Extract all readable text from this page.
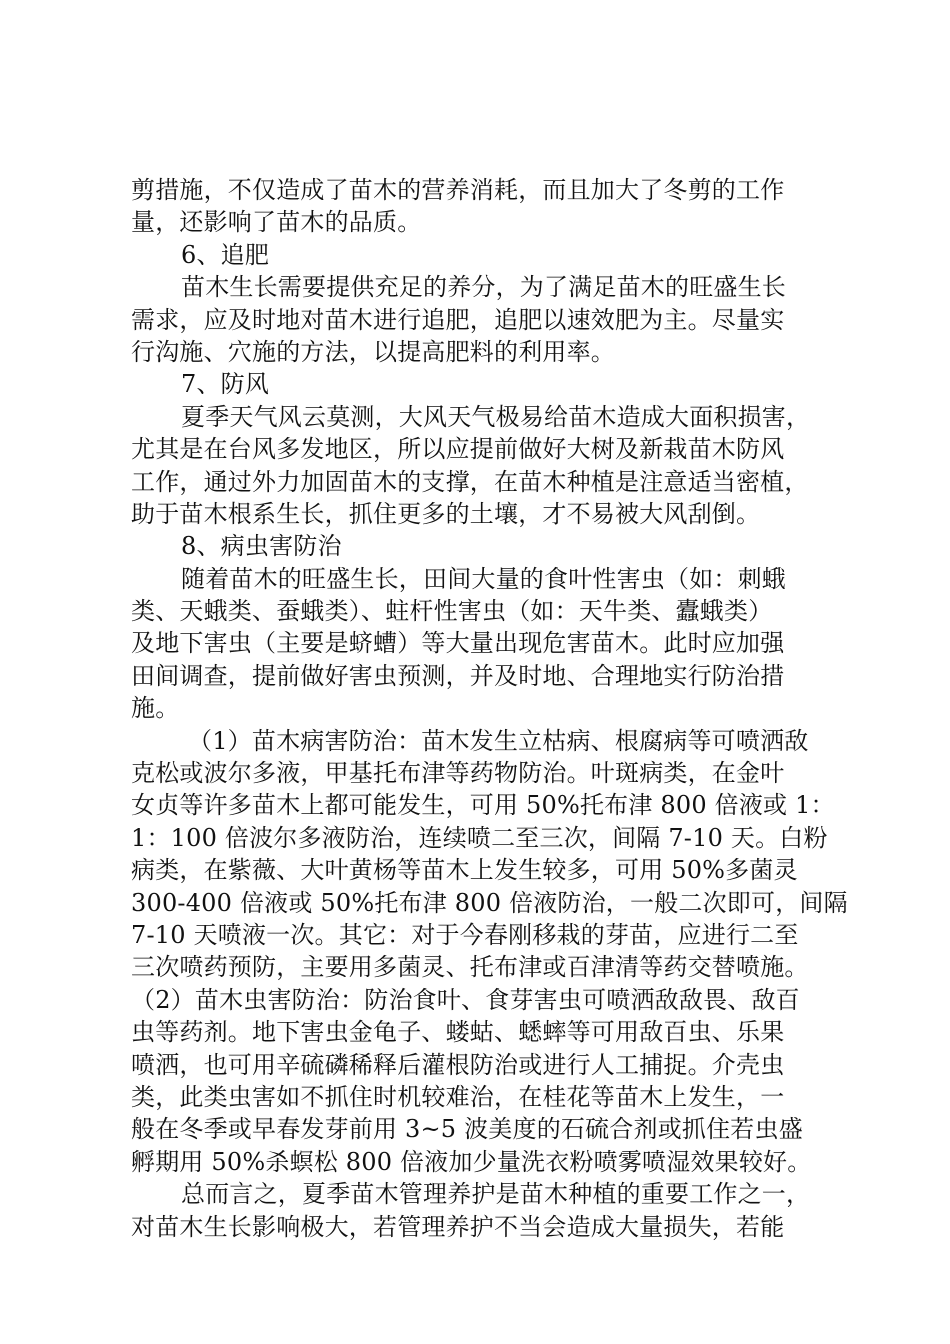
剪措施，不仅造成了苗木的营养消耗，而且加大了冬剪的工作
量，还影响了苗木的品质。
6、追肥
苗木生长需要提供充足的养分，为了满足苗木的旺盛生长
需求，应及时地对苗木进行追肥，追肥以速效肥为主。尽量实
行沟施、穴施的方法，以提高肥料的利用率。
7、防风
夏季天气风云莫测，大风天气极易给苗木造成大面积损害，
尤其是在台风多发地区，所以应提前做好大树及新栽苗木防风
工作，通过外力加固苗木的支撑，在苗木种植是注意适当密植，
助于苗木根系生长，抓住更多的土壤，才不易被大风刮倒。
8、病虫害防治
随着苗木的旺盛生长，田间大量的食叶性害虫（如：刺蛾
类、天蛾类、蚕蛾类）、蛀杆性害虫（如：天牛类、蠹蛾类）
及地下害虫（主要是蛴螬）等大量出现危害苗木。此时应加强
田间调查，提前做好害虫预测，并及时地、合理地实行防治措
施。
（1）苗木病害防治：苗木发生立枯病、根腐病等可喷洒敌
克松或波尔多液，甲基托布津等药物防治。叶斑病类，在金叶
女贞等许多苗木上都可能发生，可用 50%托布津 800 倍液或 1：
1：100 倍波尔多液防治，连续喷二至三次，间隔 7-10 天。白粉
病类，在紫薇、大叶黄杨等苗木上发生较多，可用 50%多菌灵
300-400 倍液或 50%托布津 800 倍液防治，一般二次即可，间隔
7-10 天喷液一次。其它：对于今春刚移栽的芽苗，应进行二至
三次喷药预防，主要用多菌灵、托布津或百津清等药交替喷施。
（2）苗木虫害防治：防治食叶、食芽害虫可喷洒敌敌畏、敌百
虫等药剂。地下害虫金龟子、蝼蛄、蟋蟀等可用敌百虫、乐果
喷洒，也可用辛硫磷稀释后灌根防治或进行人工捕捉。介壳虫
类，此类虫害如不抓住时机较难治，在桂花等苗木上发生，一
般在冬季或早春发芽前用 3~5 波美度的石硫合剂或抓住若虫盛
孵期用 50%杀螟松 800 倍液加少量洗衣粉喷雾喷湿效果较好。
总而言之，夏季苗木管理养护是苗木种植的重要工作之一，
对苗木生长影响极大，若管理养护不当会造成大量损失，若能
